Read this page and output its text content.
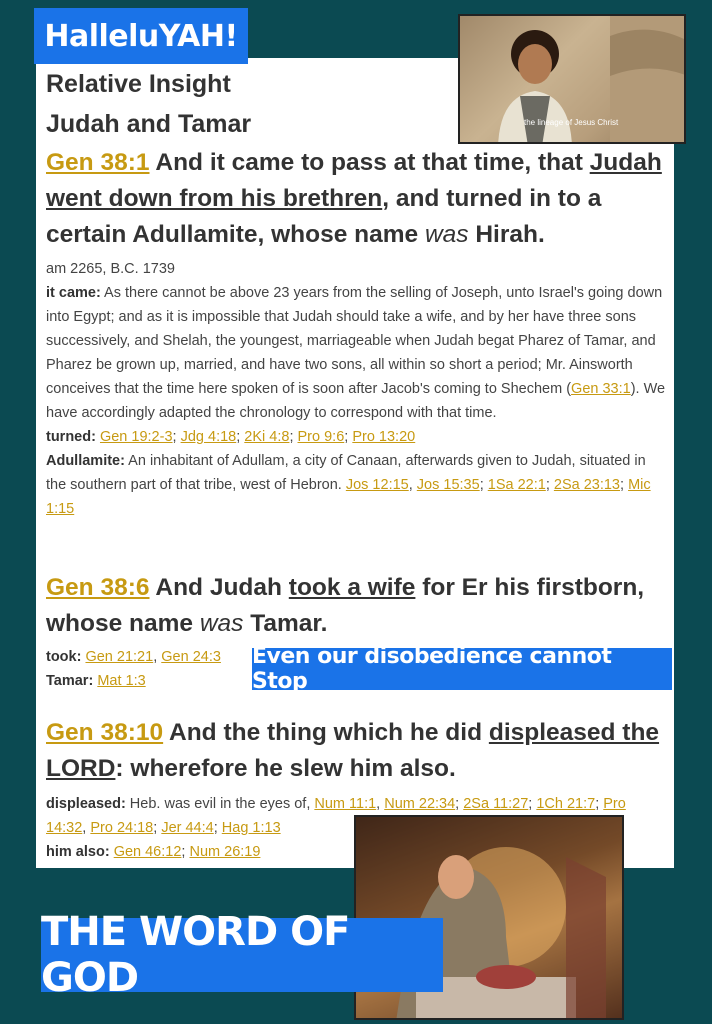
HalleluYAH!
the lineage of Jesus Christ
Relative Insight
Judah and Tamar
Gen 38:1 And it came to pass at that time, that Judah went down from his brethren, and turned in to a certain Adullamite, whose name was Hirah.
am 2265, B.C. 1739
it came: As there cannot be above 23 years from the selling of Joseph, unto Israel's going down into Egypt; and as it is impossible that Judah should take a wife, and by her have three sons successively, and Shelah, the youngest, marriageable when Judah begat Pharez of Tamar, and Pharez be grown up, married, and have two sons, all within so short a period; Mr. Ainsworth conceives that the time here spoken of is soon after Jacob's coming to Shechem (Gen 33:1). We have accordingly adapted the chronology to correspond with that time.
turned: Gen 19:2-3; Jdg 4:18; 2Ki 4:8; Pro 9:6; Pro 13:20
Adullamite: An inhabitant of Adullam, a city of Canaan, afterwards given to Judah, situated in the southern part of that tribe, west of Hebron. Jos 12:15, Jos 15:35; 1Sa 22:1; 2Sa 23:13; Mic 1:15
Gen 38:6 And Judah took a wife for Er his firstborn, whose name was Tamar.
took: Gen 21:21, Gen 24:3
Tamar: Mat 1:3
Even our disobedience cannot Stop
Gen 38:10 And the thing which he did displeased the LORD: wherefore he slew him also.
displeased: Heb. was evil in the eyes of, Num 11:1, Num 22:34; 2Sa 11:27; 1Ch 21:7; Pro 14:32, Pro 24:18; Jer 44:4; Hag 1:13
him also: Gen 46:12; Num 26:19
THE WORD OF GOD
